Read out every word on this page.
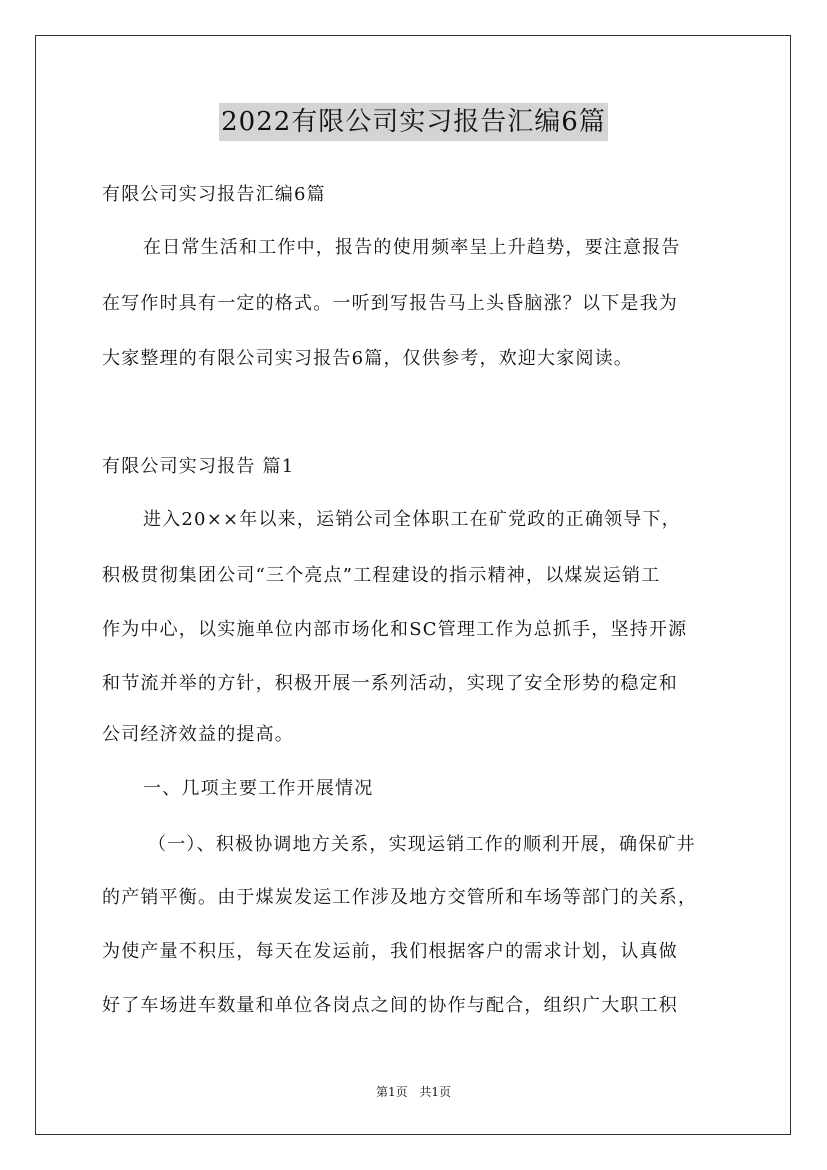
2022有限公司实习报告汇编6篇
有限公司实习报告汇编6篇
在日常生活和工作中，报告的使用频率呈上升趋势，要注意报告
在写作时具有一定的格式。一听到写报告马上头昏脑涨？以下是我为
大家整理的有限公司实习报告6篇，仅供参考，欢迎大家阅读。
有限公司实习报告 篇1
进入20××年以来，运销公司全体职工在矿党政的正确领导下，
积极贯彻集团公司“三个亮点”工程建设的指示精神，以煤炭运销工
作为中心，以实施单位内部市场化和SC管理工作为总抓手，坚持开源
和节流并举的方针，积极开展一系列活动，实现了安全形势的稳定和
公司经济效益的提高。
一、几项主要工作开展情况
（一）、积极协调地方关系，实现运销工作的顺利开展，确保矿井
的产销平衡。由于煤炭发运工作涉及地方交管所和车场等部门的关系，
为使产量不积压，每天在发运前，我们根据客户的需求计划，认真做
好了车场进车数量和单位各岗点之间的协作与配合，组织广大职工积
第1页 共1页
